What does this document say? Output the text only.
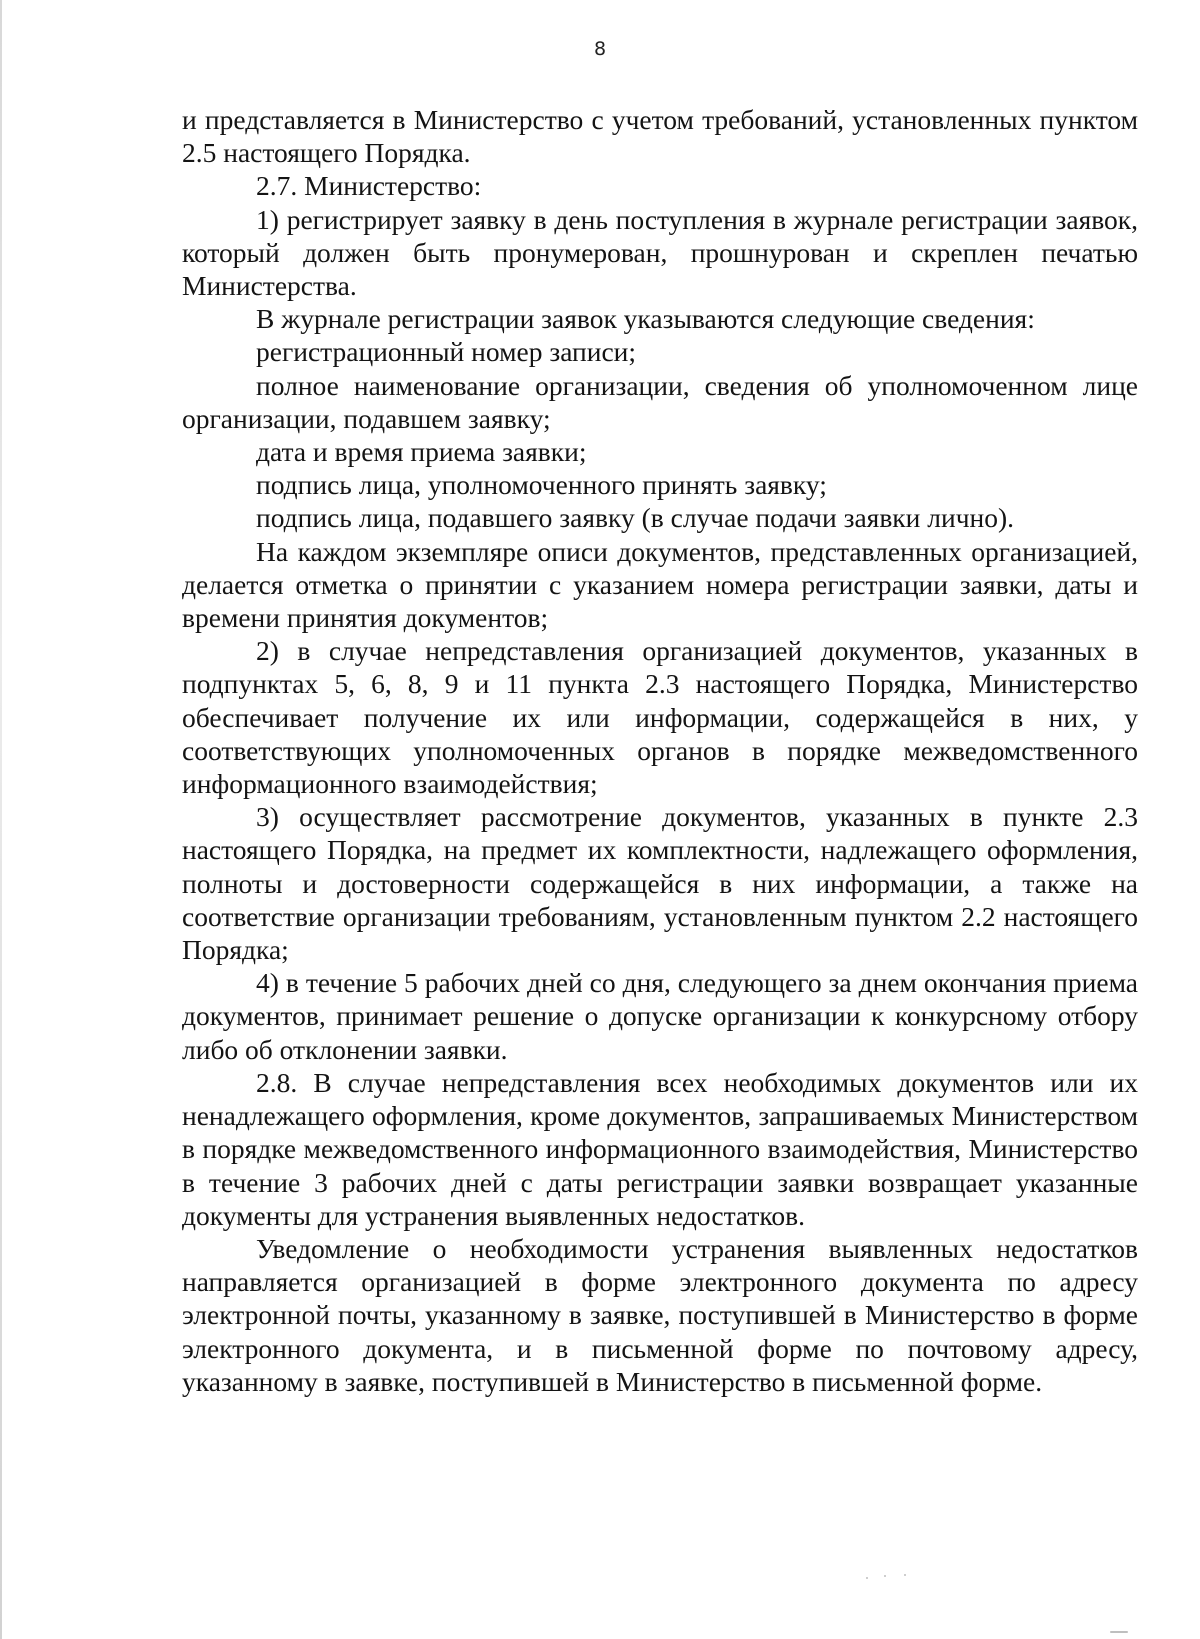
8

и представляется в Министерство с учетом требований, установленных пунктом 2.5 настоящего Порядка.

2.7. Министерство:

1) регистрирует заявку в день поступления в журнале регистрации заявок, который должен быть пронумерован, прошнурован и скреплен печатью Министерства.

В журнале регистрации заявок указываются следующие сведения:

регистрационный номер записи;

полное наименование организации, сведения об уполномоченном лице организации, подавшем заявку;

дата и время приема заявки;

подпись лица, уполномоченного принять заявку;

подпись лица, подавшего заявку (в случае подачи заявки лично).

На каждом экземпляре описи документов, представленных организацией, делается отметка о принятии с указанием номера регистрации заявки, даты и времени принятия документов;

2) в случае непредставления организацией документов, указанных в подпунктах 5, 6, 8, 9 и 11 пункта 2.3 настоящего Порядка, Министерство обеспечивает получение их или информации, содержащейся в них, у соответствующих уполномоченных органов в порядке межведомственного информационного взаимодействия;

3) осуществляет рассмотрение документов, указанных в пункте 2.3 настоящего Порядка, на предмет их комплектности, надлежащего оформления, полноты и достоверности содержащейся в них информации, а также на соответствие организации требованиям, установленным пунктом 2.2 настоящего Порядка;

4) в течение 5 рабочих дней со дня, следующего за днем окончания приема документов, принимает решение о допуске организации к конкурсному отбору либо об отклонении заявки.

2.8. В случае непредставления всех необходимых документов или их ненадлежащего оформления, кроме документов, запрашиваемых Министерством в порядке межведомственного информационного взаимодействия, Министерство в течение 3 рабочих дней с даты регистрации заявки возвращает указанные документы для устранения выявленных недостатков.

Уведомление о необходимости устранения выявленных недостатков направляется организацией в форме электронного документа по адресу электронной почты, указанному в заявке, поступившей в Министерство в форме электронного документа, и в письменной форме по почтовому адресу, указанному в заявке, поступившей в Министерство в письменной форме.
